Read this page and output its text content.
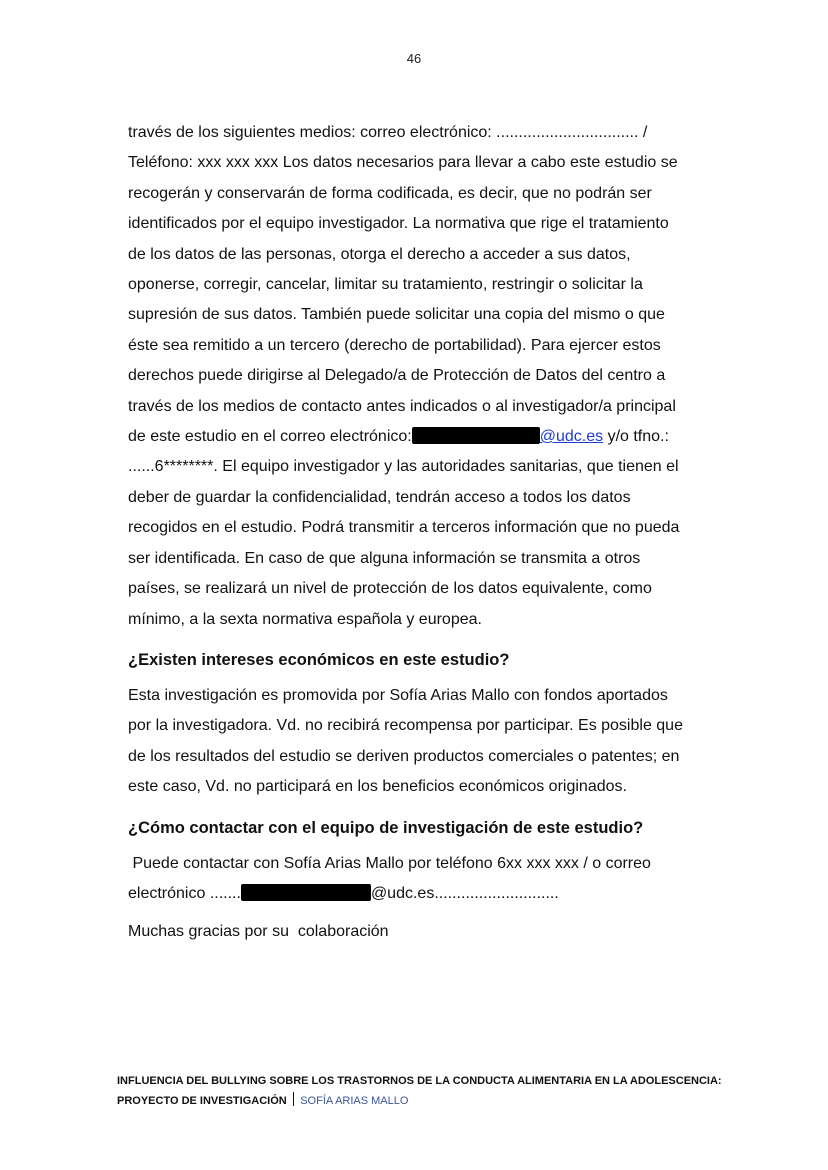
46

través de los siguientes medios: correo electrónico: ................................ /
Teléfono: xxx xxx xxx Los datos necesarios para llevar a cabo este estudio se
recogerán y conservarán de forma codificada, es decir, que no podrán ser
identificados por el equipo investigador. La normativa que rige el tratamiento
de los datos de las personas, otorga el derecho a acceder a sus datos,
oponerse, corregir, cancelar, limitar su tratamiento, restringir o solicitar la
supresión de sus datos. También puede solicitar una copia del mismo o que
éste sea remitido a un tercero (derecho de portabilidad). Para ejercer estos
derechos puede dirigirse al Delegado/a de Protección de Datos del centro a
través de los medios de contacto antes indicados o al investigador/a principal
de este estudio en el correo electrónico:	@udc.es y/o tfno.:
......6********. El equipo investigador y las autoridades sanitarias, que tienen el
deber de guardar la confidencialidad, tendrán acceso a todos los datos
recogidos en el estudio. Podrá transmitir a terceros información que no pueda
ser identificada. En caso de que alguna información se transmita a otros
países, se realizará un nivel de protección de los datos equivalente, como
mínimo, a la sexta normativa española y europea.

¿Existen intereses económicos en este estudio?

Esta investigación es promovida por Sofía Arias Mallo con fondos aportados
por la investigadora. Vd. no recibirá recompensa por participar. Es posible que
de los resultados del estudio se deriven productos comerciales o patentes; en
este caso, Vd. no participará en los beneficios económicos originados.

¿Cómo contactar con el equipo de investigación de este estudio?

Puede contactar con Sofía Arias Mallo por teléfono 6xx xxx xxx / o correo
electrónico .......	@udc.es............................

Muchas gracias por su  colaboración

INFLUENCIA DEL BULLYING SOBRE LOS TRASTORNOS DE LA CONDUCTA ALIMENTARIA EN LA ADOLESCENCIA:
PROYECTO DE INVESTIGACIÓN SOFÍA ARIAS MALLO
